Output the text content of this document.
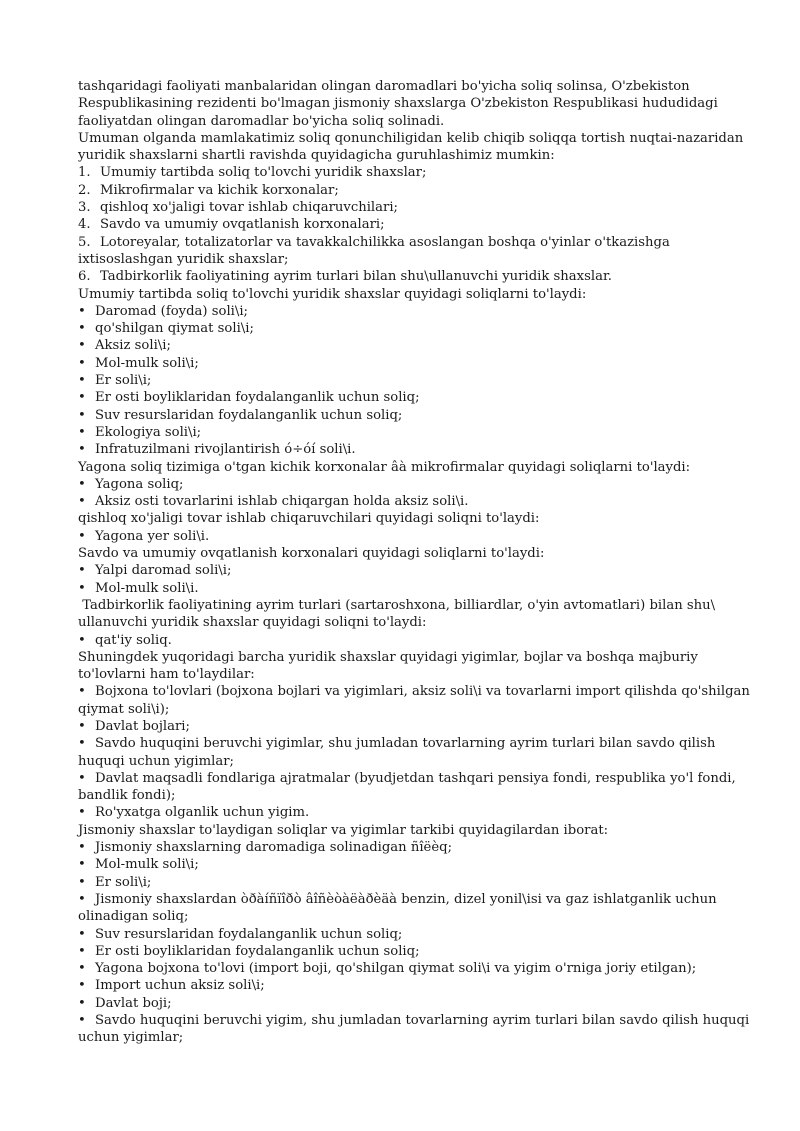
tashqaridagi faoliyati manbalaridan olingan daromadlari bo'yicha soliq solinsa, O'zbekiston Respublikasining rezidenti bo'lmagan jismoniy shaxslarga O'zbekiston Respublikasi hududidagi faoliyatdan olingan daromadlar bo'yicha soliq solinadi.
Umuman olganda mamlakatimiz soliq qonunchiligidan kelib chiqib soliqqa tortish nuqtai-nazaridan yuridik shaxslarni shartli ravishda quyidagicha guruhlashimiz mumkin:
1. Umumiy tartibda soliq to'lovchi yuridik shaxslar;
2. Mikrofirmalar va kichik korxonalar;
3. qishloq xo'jaligi tovar ishlab chiqaruvchilari;
4. Savdo va umumiy ovqatlanish korxonalari;
5. Lotoreyalar, totalizatorlar va tavakkalchilikka asoslangan boshqa o'yinlar o'tkazishga ixtisoslashgan yuridik shaxslar;
6. Tadbirkorlik faoliyatining ayrim turlari bilan shu\ullanuvchi yuridik shaxslar.
Umumiy tartibda soliq to'lovchi yuridik shaxslar quyidagi soliqlarni to'laydi:
• Daromad (foyda) soli\i;
• qo'shilgan qiymat soli\i;
• Aksiz soli\i;
• Mol-mulk soli\i;
• Er soli\i;
• Er osti boyliklaridan foydalanganlik uchun soliq;
• Suv resurslaridan foydalanganlik uchun soliq;
• Ekologiya soli\i;
• Infratuzilmani rivojlantirish ó÷óí soli\i.
Yagona soliq tizimiga o'tgan kichik korxonalar âà mikrofirmalar quyidagi soliqlarni to'laydi:
• Yagona soliq;
• Aksiz osti tovarlarini ishlab chiqargan holda aksiz soli\i.
qishloq xo'jaligi tovar ishlab chiqaruvchilari quyidagi soliqni to'laydi:
• Yagona yer soli\i.
Savdo va umumiy ovqatlanish korxonalari quyidagi soliqlarni to'laydi:
• Yalpi daromad soli\i;
• Mol-mulk soli\i.
Tadbirkorlik faoliyatining ayrim turlari (sartaroshxona, billiardlar, o'yin avtomatlari) bilan shu\ ullanuvchi yuridik shaxslar quyidagi soliqni to'laydi:
• qat'iy soliq.
Shuningdek yuqoridagi barcha yuridik shaxslar quyidagi yigimlar, bojlar va boshqa majburiy to'lovlarni ham to'laydilar:
• Bojxona to'lovlari (bojxona bojlari va yigimlari, aksiz soli\i va tovarlarni import qilishda qo'shilgan qiymat soli\i);
• Davlat bojlari;
• Savdo huquqini beruvchi yigimlar, shu jumladan tovarlarning ayrim turlari bilan savdo qilish huquqi uchun yigimlar;
• Davlat maqsadli fondlariga ajratmalar (byudjetdan tashqari pensiya fondi, respublika yo'l fondi, bandlik fondi);
• Ro'yxatga olganlik uchun yigim.
Jismoniy shaxslar to'laydigan soliqlar va yigimlar tarkibi quyidagilardan iborat:
• Jismoniy shaxslarning daromadiga solinadigan ñîëèq;
• Mol-mulk soli\i;
• Er soli\i;
• Jismoniy shaxslardan òðàíñïîðò âîñèòàëàðèäà benzin, dizel yonil\isi va gaz ishlatganlik uchun olinadigan soliq;
• Suv resurslaridan foydalanganlik uchun soliq;
• Er osti boyliklaridan foydalanganlik uchun soliq;
• Yagona bojxona to'lovi (import boji, qo'shilgan qiymat soli\i va yigim o'rniga joriy etilgan);
• Import uchun aksiz soli\i;
• Davlat boji;
• Savdo huquqini beruvchi yigim, shu jumladan tovarlarning ayrim turlari bilan savdo qilish huquqi uchun yigimlar;
